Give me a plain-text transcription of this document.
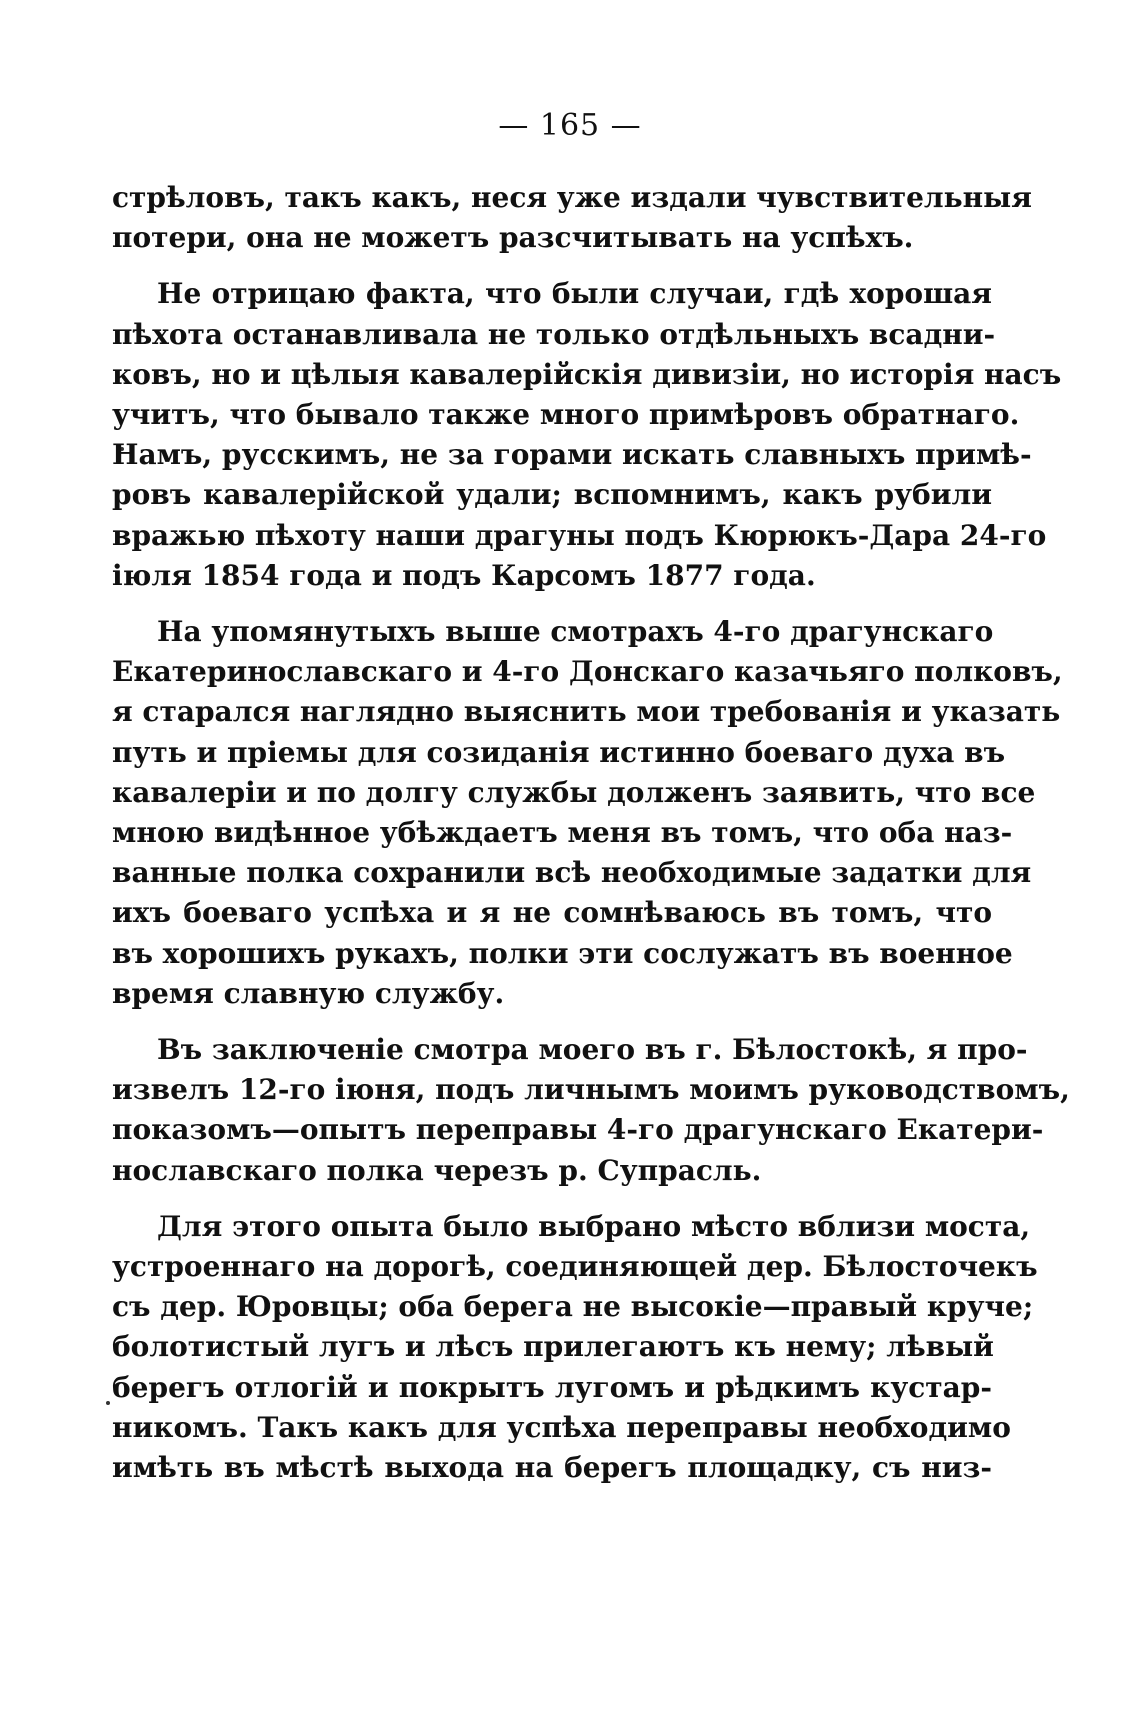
— 165 —
стрѣловъ, такъ какъ, неся уже издали чувствительныя
потери, она не можетъ разсчитывать на успѣхъ.
Не отрицаю факта, что были случаи, гдѣ хорошая
пѣхота останавливала не только отдѣльныхъ всадни-
ковъ, но и цѣлыя кавалерійскія дивизіи, но исторія насъ
учитъ, что бывало также много примѣровъ обратнаго.
Намъ, русскимъ, не за горами искать славныхъ примѣ-
ровъ кавалерійской удали; вспомнимъ, какъ рубили
вражью пѣхоту наши драгуны подъ Кюрюкъ-Дара 24-го
іюля 1854 года и подъ Карсомъ 1877 года.
На упомянутыхъ выше смотрахъ 4-го драгунскаго
Екатеринославскаго и 4-го Донскаго казачьяго полковъ,
я старался наглядно выяснить мои требованія и указать
путь и пріемы для созиданія истинно боеваго духа въ
кавалеріи и по долгу службы долженъ заявить, что все
мною видѣнное убѣждаетъ меня въ томъ, что оба наз-
ванные полка сохранили всѣ необходимые задатки для
ихъ боеваго успѣха и я не сомнѣваюсь въ томъ, что
въ хорошихъ рукахъ, полки эти сослужатъ въ военное
время славную службу.
Въ заключеніе смотра моего въ г. Бѣлостокѣ, я про-
извелъ 12-го іюня, подъ личнымъ моимъ руководствомъ,
показомъ—опытъ переправы 4-го драгунскаго Екатери-
нославскаго полка черезъ р. Супрасль.
Для этого опыта было выбрано мѣсто вблизи моста,
устроеннаго на дорогѣ, соединяющей дер. Бѣлосточекъ
съ дер. Юровцы; оба берега не высокіе—правый круче;
болотистый лугъ и лѣсъ прилегаютъ къ нему; лѣвый
берегъ отлогій и покрытъ лугомъ и рѣдкимъ кустар-
никомъ. Такъ какъ для успѣха переправы необходимо
имѣть въ мѣстѣ выхода на берегъ площадку, съ низ-
